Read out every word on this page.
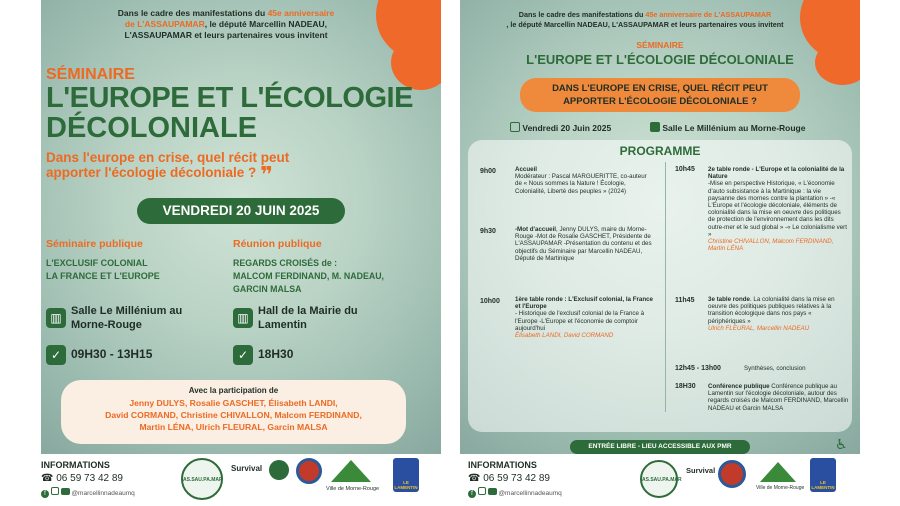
Dans le cadre des manifestations du 45e anniversaire
de L'ASSAUPAMAR, le député Marcellin NADEAU,
L'ASSAUPAMAR et leurs partenaires vous invitent
SÉMINAIRE
L'EUROPE ET L'ÉCOLOGIE
DÉCOLONIALE
Dans l'europe en crise, quel récit peut
apporter l'écologie décoloniale ? ❞
VENDREDI 20 JUIN 2025
Séminaire publique
L'EXCLUSIF COLONIAL
LA FRANCE ET L'EUROPE
▥ Salle Le Millénium au
Morne-Rouge
✓ 09H30 - 13H15
Réunion publique
REGARDS CROISÉS de :
MALCOM FERDINAND, M. NADEAU,
GARCIN MALSA
▥ Hall de la Mairie du
Lamentin
✓ 18H30
Avec la participation de
Jenny DULYS, Rosalie GASCHET, Élisabeth LANDI,
David CORMAND, Christine CHIVALLON, Malcom FERDINAND,
Martin LÉNA, Ulrich FLEURAL, Garcin MALSA
INFORMATIONS
☎ 06 59 73 42 89
f	@marcellinnadeaumq
AS.SAU.PA.MAR
Survival
Ville de Morne-Rouge
LE LAMENTIN
Dans le cadre des manifestations du 45e anniversaire de L'ASSAUPAMAR
, le député Marcellin NADEAU, L'ASSAUPAMAR et leurs partenaires vous invitent
SÉMINAIRE
L'EUROPE ET L'ÉCOLOGIE DÉCOLONIALE
DANS L'EUROPE EN CRISE, QUEL RÉCIT PEUT
APPORTER L'ÉCOLOGIE DÉCOLONIALE ?
Vendredi 20 Juin 2025	Salle Le Millénium au Morne-Rouge
PROGRAMME
9h00	Accueil
Modérateur : Pascal MARGUERITTE, co-auteur de « Nous sommes la Nature ! Écologie, Colonialité, Liberté des peuples » (2024)
9h30	-Mot d'accueil, Jenny DULYS, maire du Morne-Rouge -Mot de Rosalie GASCHET, Présidente de L'ASSAUPAMAR -Présentation du contenu et des objectifs du Séminaire par Marcellin NADEAU, Député de Martinique
10h00 1ère table ronde : L'Exclusif colonial, la France et l'Europe
- Historique de l'exclusif colonial de la France à l'Europe -L'Europe et l'économie de comptoir aujourd'hui
Élisabeth LANDI, David CORMAND
10h45 2e table ronde - L'Europe et la colonialité de la Nature
-Mise en perspective Historique, « L'économie d'auto subsistance à la Martinique : la vie paysanne des mornes contre la plantation » -« L'Europe et l'écologie décoloniale, éléments de colonialité dans la mise en oeuvre des politiques de protection de l'environnement dans les dits outre-mer et le sud global » -« Le colonialisme vert »
Christine CHIVALLON, Malcom FERDINAND, Martin LÉNA
11h45 3e table ronde. La colonialité dans la mise en oeuvre des politiques publiques relatives à la transition écologique dans nos pays « périphériques »
Ulrich FLEURAL, Marcellin NADEAU
12h45 - 13h00	Synthèses, conclusion
18H30 Conférence publique Conférence publique au Lamentin sur l'écologie décoloniale, autour des regards croisés de Malcom FERDINAND, Marcellin NADEAU et Garcin MALSA
ENTRÉE LIBRE - LIEU ACCESSIBLE AUX PMR	♿
INFORMATIONS
☎ 06 59 73 42 89
f	@marcellinnadeaumq
AS.SAU.PA.MAR
Survival
Ville de Morne-Rouge
LE LAMENTIN
